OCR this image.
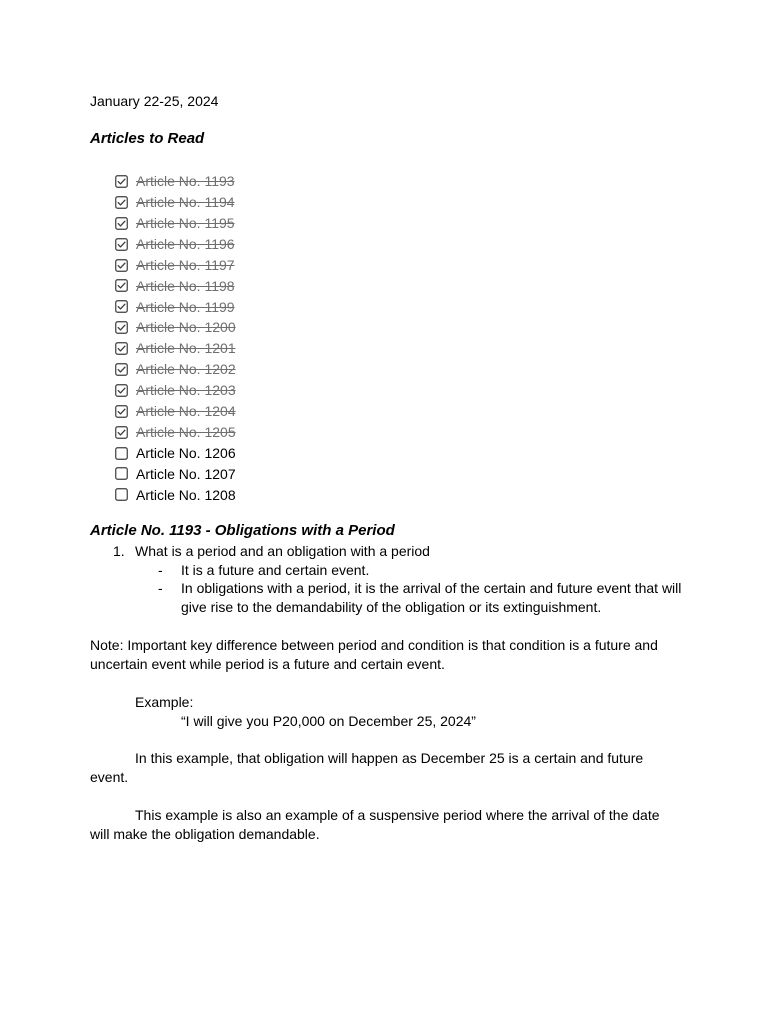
January 22-25, 2024
Articles to Read
Article No. 1193
Article No. 1194
Article No. 1195
Article No. 1196
Article No. 1197
Article No. 1198
Article No. 1199
Article No. 1200
Article No. 1201
Article No. 1202
Article No. 1203
Article No. 1204
Article No. 1205
Article No. 1206
Article No. 1207
Article No. 1208
Article No. 1193 - Obligations with a Period
1. What is a period and an obligation with a period
- It is a future and certain event.
- In obligations with a period, it is the arrival of the certain and future event that will give rise to the demandability of the obligation or its extinguishment.
Note: Important key difference between period and condition is that condition is a future and uncertain event while period is a future and certain event.
Example:
“I will give you P20,000 on December 25, 2024”
In this example, that obligation will happen as December 25 is a certain and future event.
This example is also an example of a suspensive period where the arrival of the date will make the obligation demandable.
